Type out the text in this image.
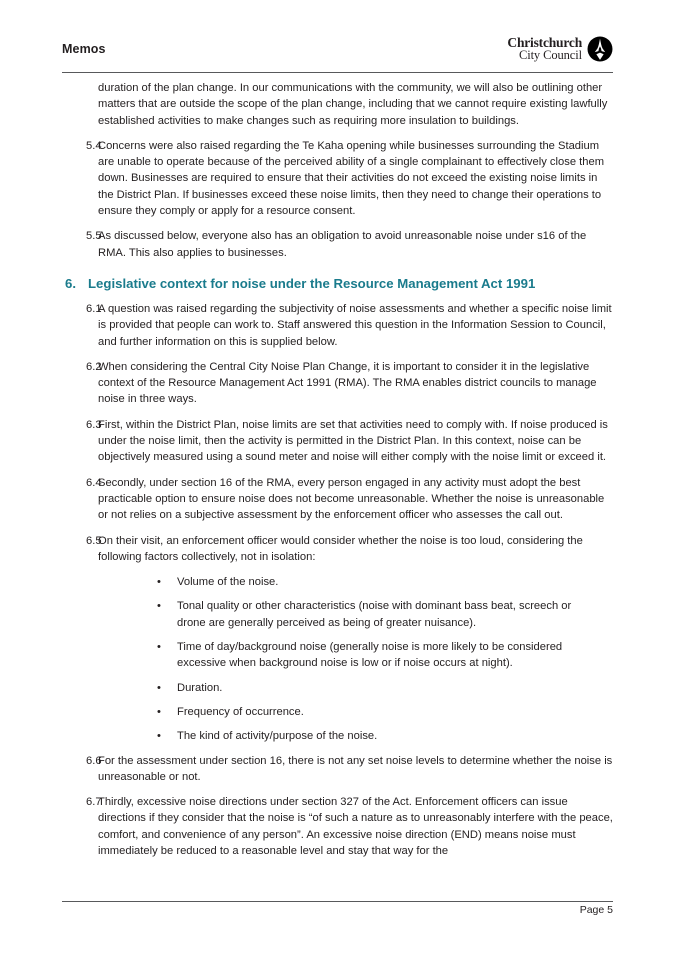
Memos	Christchurch
City Council
duration of the plan change. In our communications with the community, we will also be outlining other matters that are outside the scope of the plan change, including that we cannot require existing lawfully established activities to make changes such as requiring more insulation to buildings.
5.4
Concerns were also raised regarding the Te Kaha opening while businesses surrounding the Stadium are unable to operate because of the perceived ability of a single complainant to effectively close them down. Businesses are required to ensure that their activities do not exceed the existing noise limits in the District Plan. If businesses exceed these noise limits, then they need to change their operations to ensure they comply or apply for a resource consent.
5.5
As discussed below, everyone also has an obligation to avoid unreasonable noise under s16 of the RMA. This also applies to businesses.
6. Legislative context for noise under the Resource Management Act 1991
6.1
A question was raised regarding the subjectivity of noise assessments and whether a specific noise limit is provided that people can work to. Staff answered this question in the Information Session to Council, and further information on this is supplied below.
6.2
When considering the Central City Noise Plan Change, it is important to consider it in the legislative context of the Resource Management Act 1991 (RMA). The RMA enables district councils to manage noise in three ways.
6.3
First, within the District Plan, noise limits are set that activities need to comply with. If noise produced is under the noise limit, then the activity is permitted in the District Plan. In this context, noise can be objectively measured using a sound meter and noise will either comply with the noise limit or exceed it.
6.4
Secondly, under section 16 of the RMA, every person engaged in any activity must adopt the best practicable option to ensure noise does not become unreasonable. Whether the noise is unreasonable or not relies on a subjective assessment by the enforcement officer who assesses the call out.
6.5
On their visit, an enforcement officer would consider whether the noise is too loud, considering the following factors collectively, not in isolation:
•	Volume of the noise.
•	Tonal quality or other characteristics (noise with dominant bass beat, screech or drone are generally perceived as being of greater nuisance).
•	Time of day/background noise (generally noise is more likely to be considered excessive when background noise is low or if noise occurs at night).
•	Duration.
•	Frequency of occurrence.
•	The kind of activity/purpose of the noise.
6.6
For the assessment under section 16, there is not any set noise levels to determine whether the noise is unreasonable or not.
6.7
Thirdly, excessive noise directions under section 327 of the Act. Enforcement officers can issue directions if they consider that the noise is “of such a nature as to unreasonably interfere with the peace, comfort, and convenience of any person”. An excessive noise direction (END) means noise must immediately be reduced to a reasonable level and stay that way for the
Page 5
